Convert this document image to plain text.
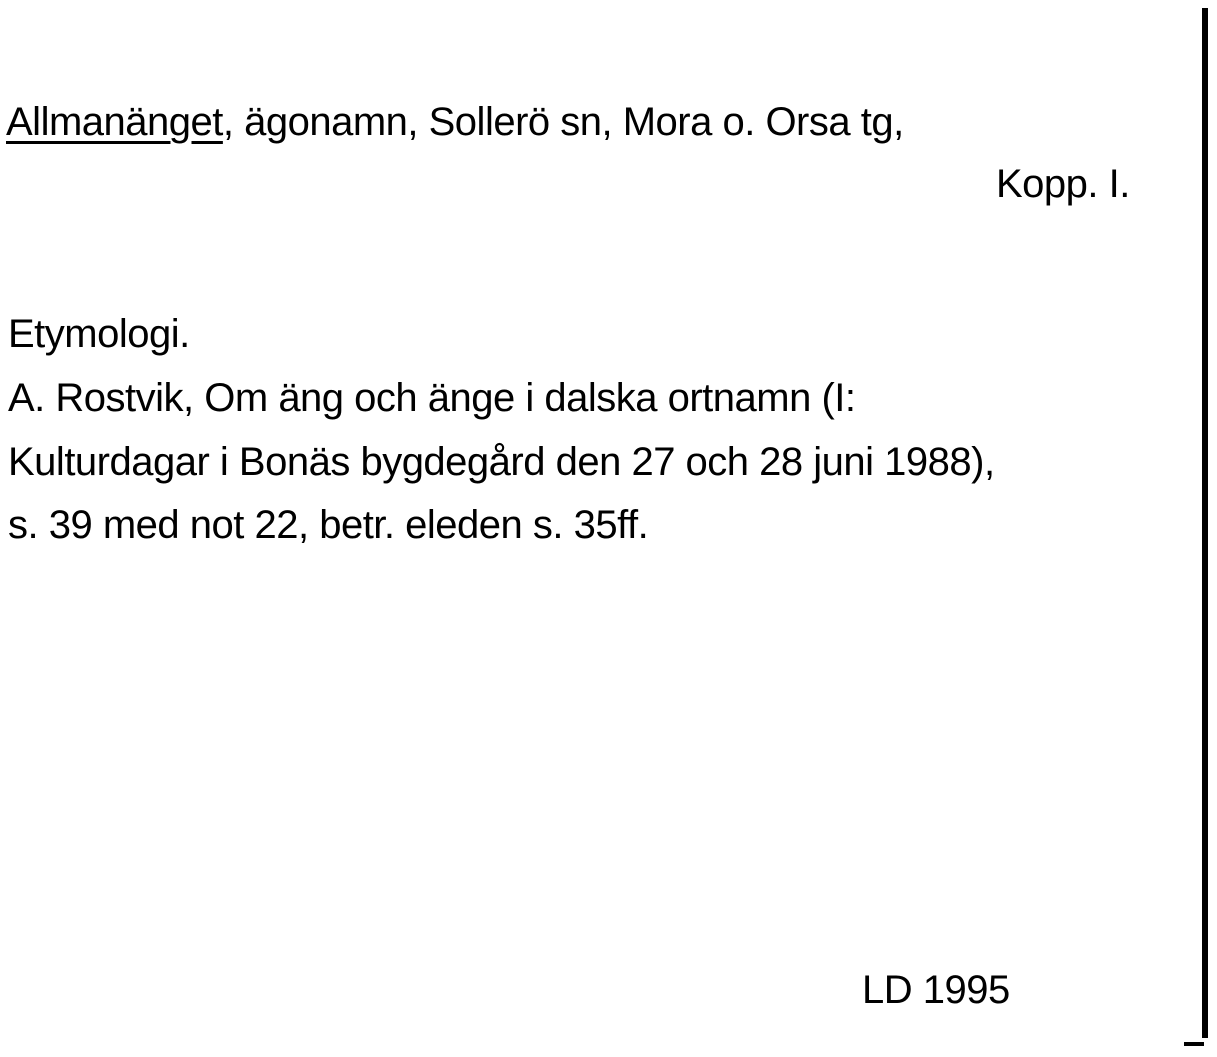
Allmanänget, ägonamn, Sollerö sn, Mora o. Orsa tg,
Kopp. I.
Etymologi.
A. Rostvik, Om äng och änge i dalska ortnamn (I:
Kulturdagar i Bonäs bygdegård den 27 och 28 juni 1988),
s. 39 med not 22, betr. eleden s. 35ff.
LD 1995
